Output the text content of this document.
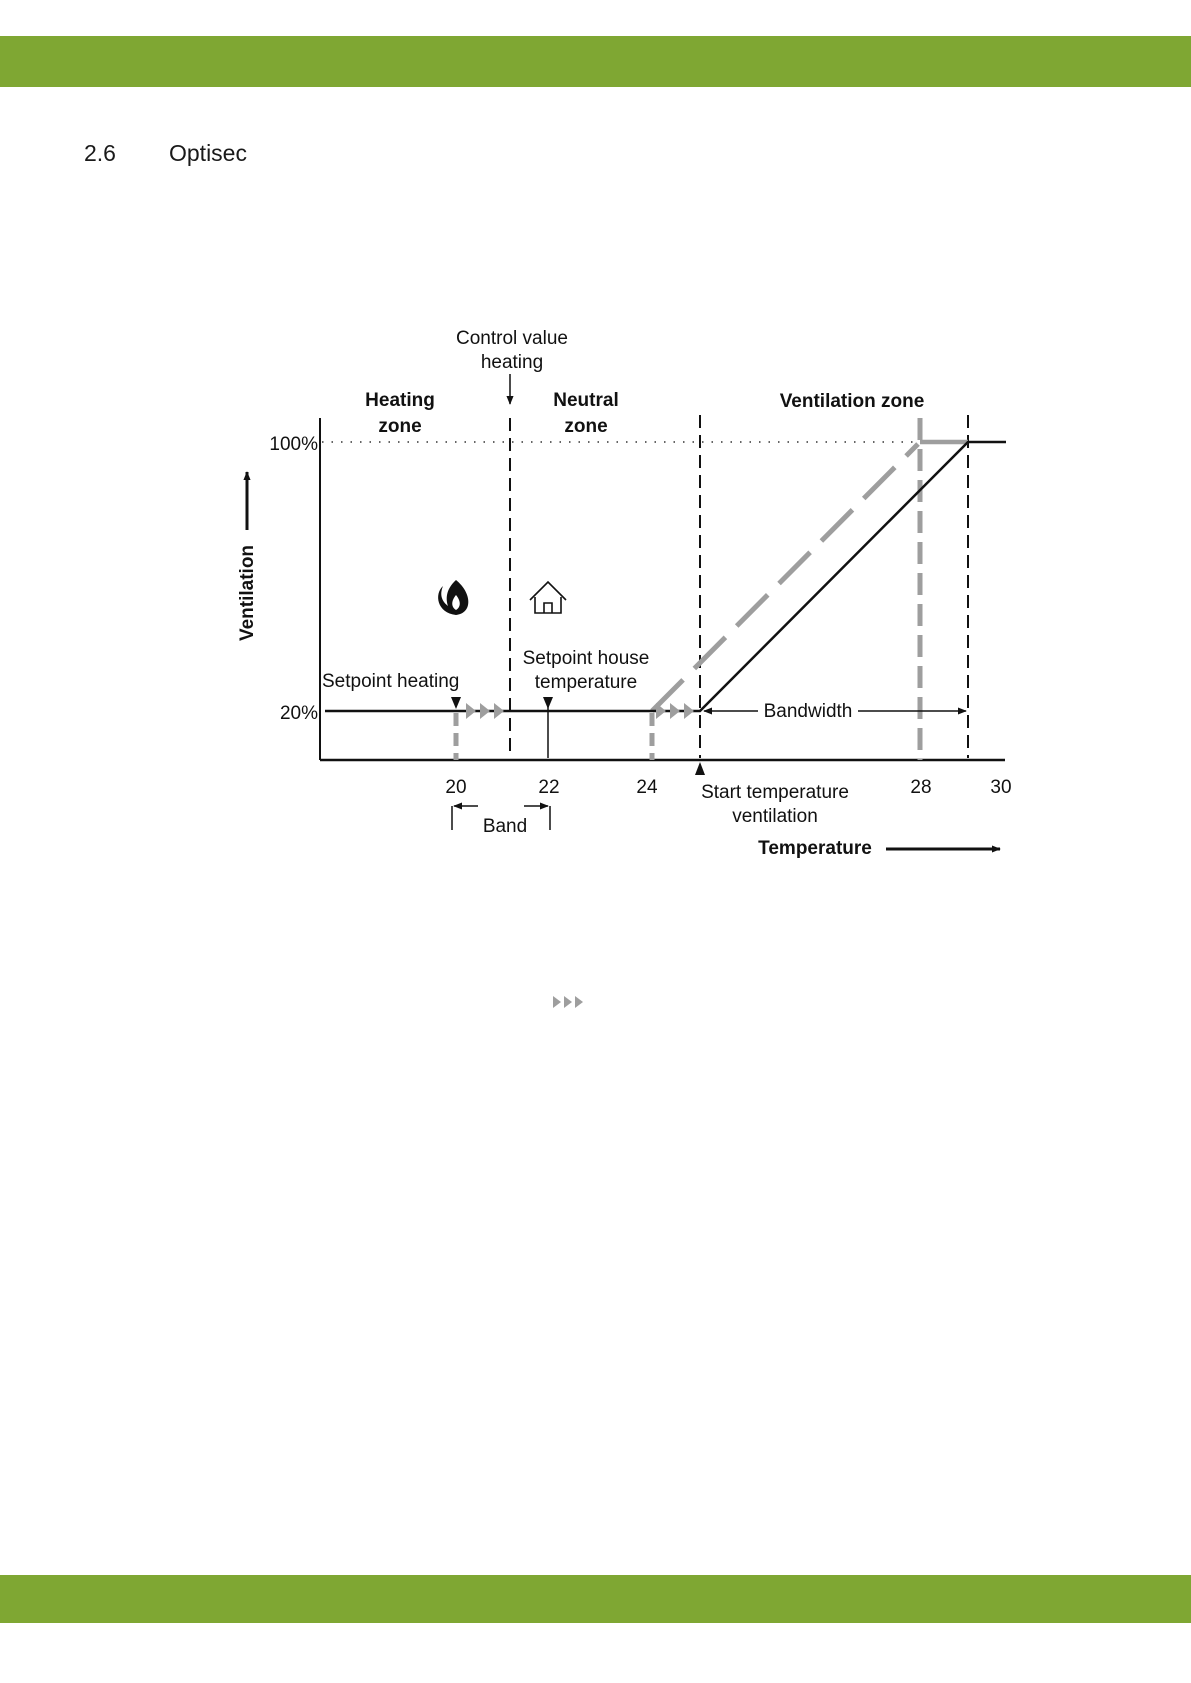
2.6 Optisec
Heating
zone
Neutral
zone
Ventilation zone
Control value
heating
Setpoint heating
Setpoint house
temperature
Bandwidth
100%
20%
Ventilation
20	22	24	28	30
Band
Start temperature
ventilation
Temperature
